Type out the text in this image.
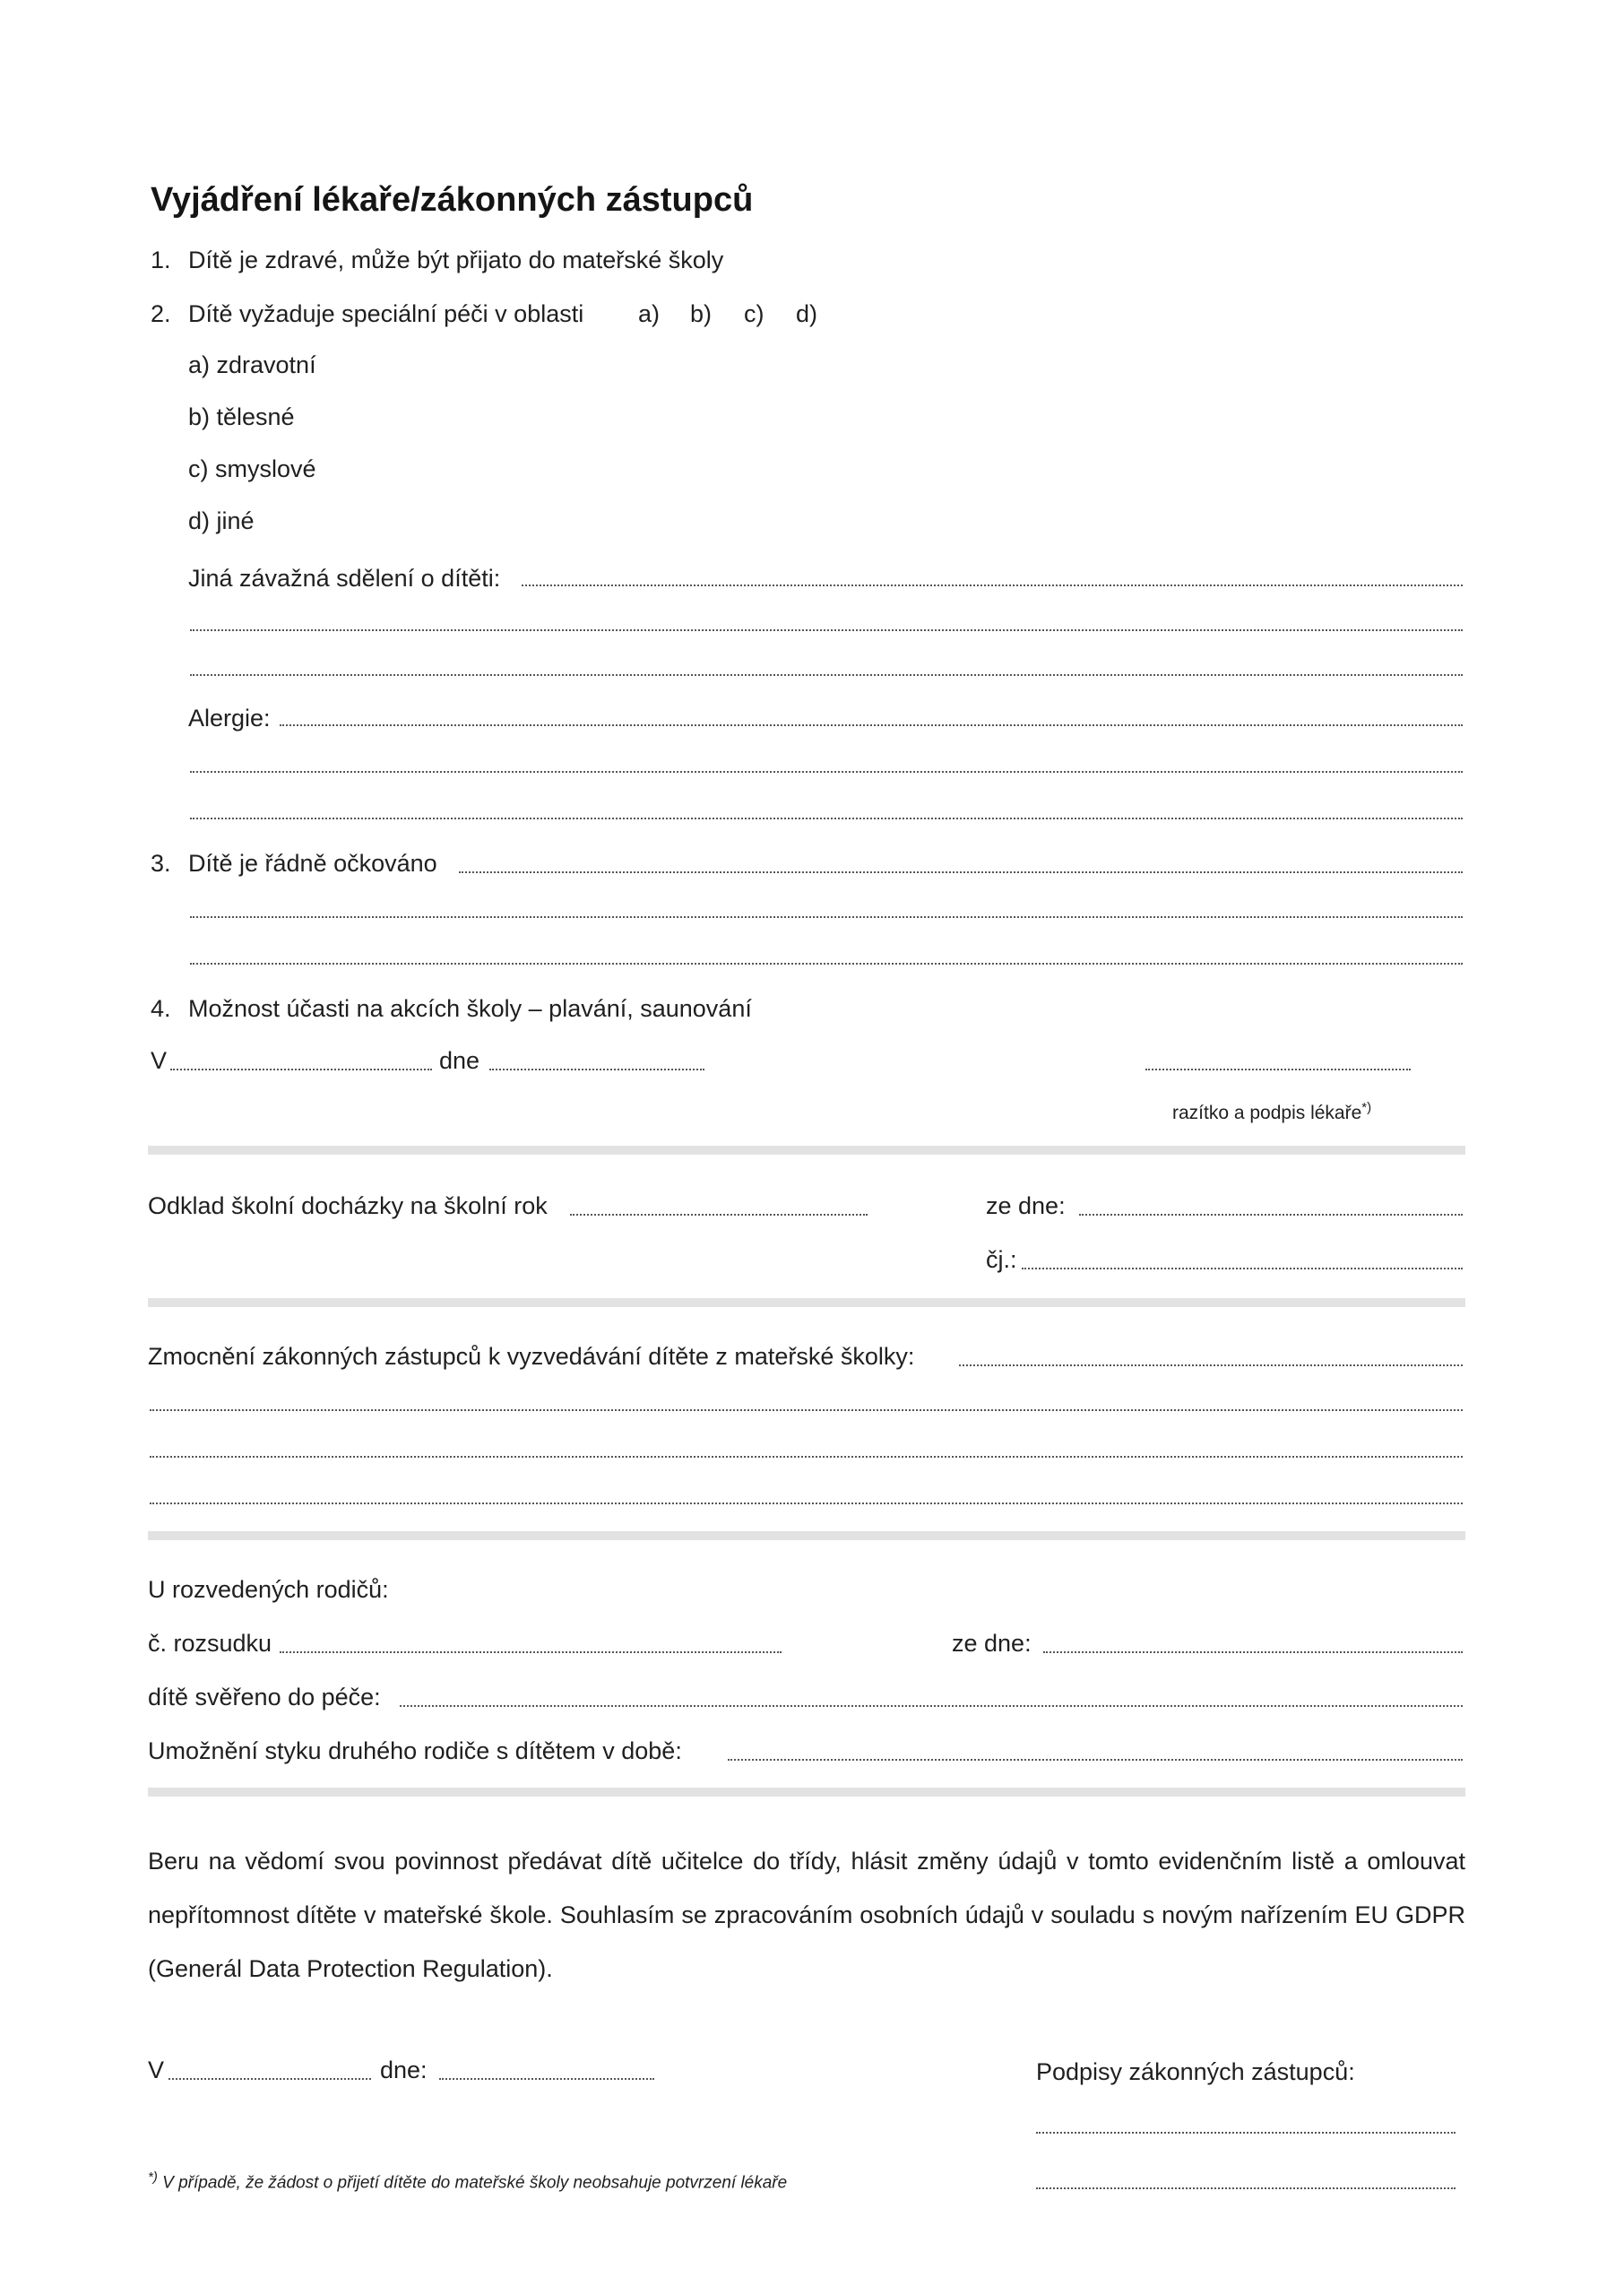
Vyjádření lékaře/zákonných zástupců
1. Dítě je zdravé, může být přijato do mateřské školy
2. Dítě vyžaduje speciální péči v oblasti a) b) c) d)
a) zdravotní
b) tělesné
c) smyslové
d) jiné
Jiná závažná sdělení o dítěti:
Alergie:
3. Dítě je řádně očkováno
4. Možnost účasti na akcích školy – plavání, saunování
V	dne
razítko a podpis lékaře*)
Odklad školní docházky na školní rok	ze dne:
čj.:
Zmocnění zákonných zástupců k vyzvedávání dítěte z mateřské školky:
U rozvedených rodičů:
č. rozsudku	ze dne:
dítě svěřeno do péče:
Umožnění styku druhého rodiče s dítětem v době:
Beru na vědomí svou povinnost předávat dítě učitelce do třídy, hlásit změny údajů v tomto evidenčním listě a omlouvat nepřítomnost dítěte v mateřské škole. Souhlasím se zpracováním osobních údajů v souladu s novým nařízením EU GDPR (Generál Data Protection Regulation).
V	dne:	Podpisy zákonných zástupců:
*) V případě, že žádost o přijetí dítěte do mateřské školy neobsahuje potvrzení lékaře
